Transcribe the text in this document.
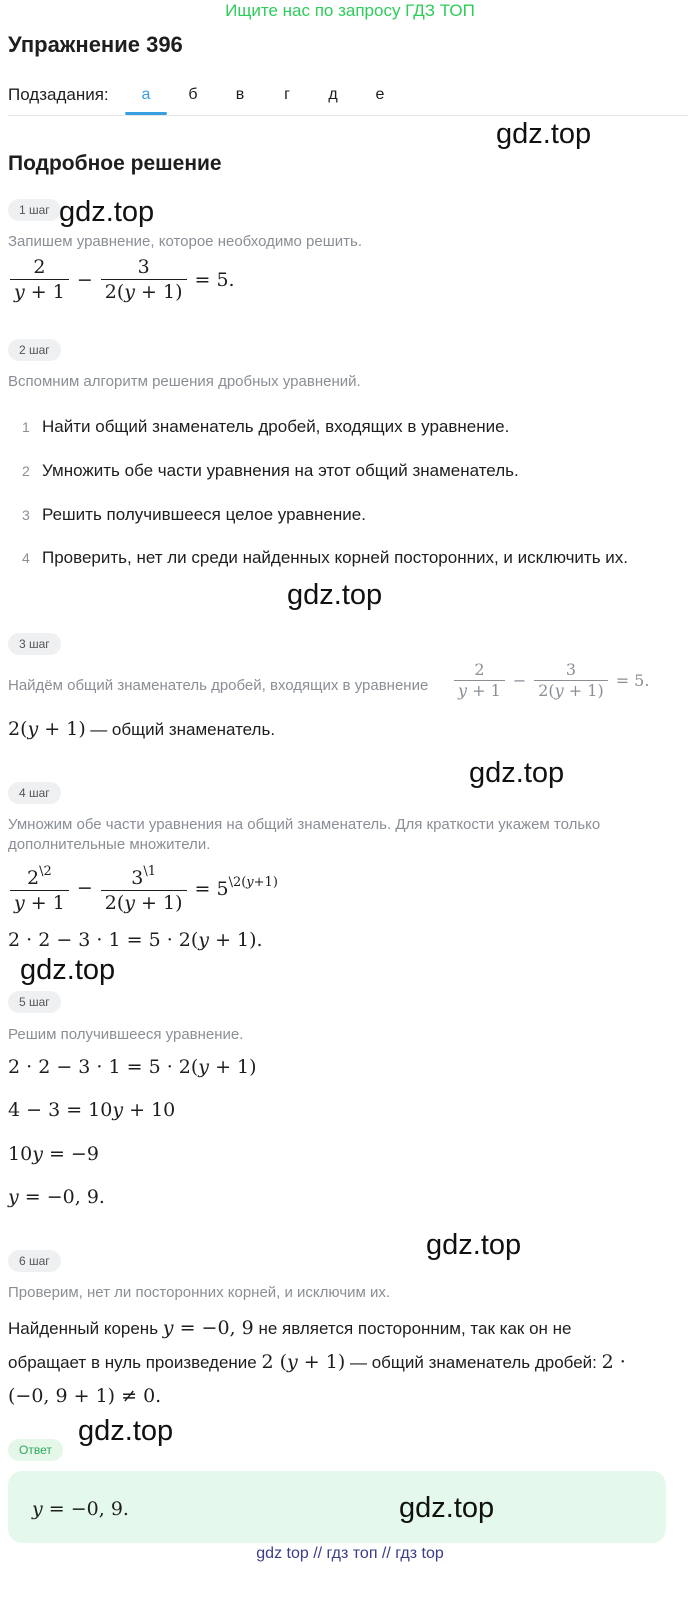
Ищите нас по запросу ГДЗ ТОП
Упражнение 396
Подзадания:	а	б	в	г	д	е
gdz.top
Подробное решение
1 шаг gdz.top
Запишем уравнение, которое необходимо решить.
$\frac{2}{y + 1} - \frac{3}{2(y + 1)} = 5$.
2 шаг
Вспомним алгоритм решения дробных уравнений.
1 Найти общий знаменатель дробей, входящих в уравнение.
2 Умножить обе части уравнения на этот общий знаменатель.
3 Решить получившееся целое уравнение.
4 Проверить, нет ли среди найденных корней посторонних, и исключить их.
gdz.top
3 шаг
Найдём общий знаменатель дробей, входящих в уравнение $\frac{2}{y + 1} - \frac{3}{2(y + 1)} = 5$.
2(y + 1) — общий знаменатель.
gdz.top
4 шаг
Умножим обе части уравнения на общий знаменатель. Для краткости укажем только
дополнительные множители.
$\frac{2^{\backslash 2}}{y + 1} - \frac{3^{\backslash 1}}{2(y + 1)} = 5^{\backslash 2(y+1)}$
2 · 2 − 3 · 1 = 5 · 2(y + 1).
gdz.top
5 шаг
Решим получившееся уравнение.
2 · 2 − 3 · 1 = 5 · 2(y + 1)
4 − 3 = 10y + 10
10y = −9
y = −0, 9.
gdz.top
6 шаг
Проверим, нет ли посторонних корней, и исключим их.
Найденный корень y = −0, 9 не является посторонним, так как он не
обращает в нуль произведение 2 (y + 1) — общий знаменатель дробей: 2 ·
(−0, 9 + 1) ≠ 0.
gdz.top
Ответ
y = −0, 9.	gdz.top
gdz top // гдз топ // гдз top
